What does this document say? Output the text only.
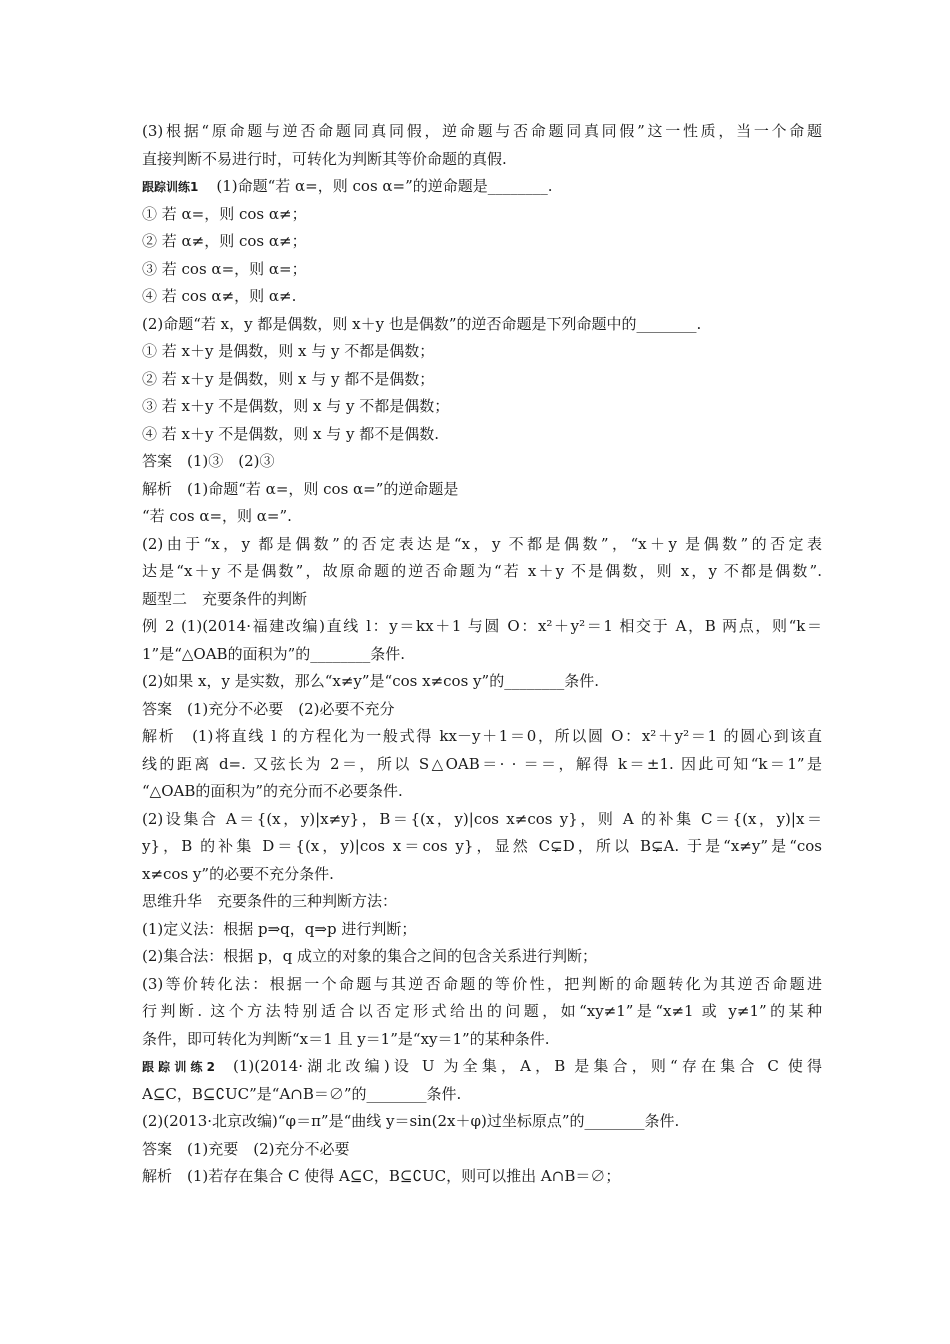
(3)根据“原命题与逆否命题同真同假，逆命题与否命题同真同假”这一性质，当一个命题
直接判断不易进行时，可转化为判断其等价命题的真假.
跟踪训练1 (1)命题“若 α=，则 cos α=”的逆命题是________.
① 若 α=，则 cos α≠；
② 若 α≠，则 cos α≠；
③ 若 cos α=，则 α=；
④ 若 cos α≠，则 α≠.
(2)命题“若 x，y 都是偶数，则 x＋y 也是偶数”的逆否命题是下列命题中的________.
① 若 x＋y 是偶数，则 x 与 y 不都是偶数；
② 若 x＋y 是偶数，则 x 与 y 都不是偶数；
③ 若 x＋y 不是偶数，则 x 与 y 不都是偶数；
④ 若 x＋y 不是偶数，则 x 与 y 都不是偶数.
答案　(1)③　(2)③
解析　(1)命题“若 α=，则 cos α=”的逆命题是
“若 cos α=，则 α=”.
(2)由于“x，y 都是偶数”的否定表达是“x，y 不都是偶数”，“x＋y 是偶数”的否定表
达是“x＋y 不是偶数”，故原命题的逆否命题为“若 x＋y 不是偶数，则 x，y 不都是偶数”.
题型二　充要条件的判断
例 2 (1)(2014·福建改编)直线 l：y＝kx＋1 与圆 O：x²＋y²＝1 相交于 A，B 两点，则“k＝
1”是“△OAB的面积为”的________条件.
(2)如果 x，y 是实数，那么“x≠y”是“cos x≠cos y”的________条件.
答案　(1)充分不必要　(2)必要不充分
解析　(1)将直线 l 的方程化为一般式得 kx－y＋1＝0，所以圆 O：x²＋y²＝1 的圆心到该直
线的距离 d=. 又弦长为 2＝，所以 S△OAB＝· · ＝＝，解得 k＝±1. 因此可知“k＝1”是
“△OAB的面积为”的充分而不必要条件.
(2)设集合 A＝{(x，y)|x≠y}，B＝{(x，y)|cos x≠cos y}，则 A 的补集 C＝{(x，y)|x＝
y}，B 的补集 D＝{(x，y)|cos x＝cos y}，显然 C⊊D，所以 B⊊A. 于是“x≠y”是“cos
x≠cos y”的必要不充分条件.
思维升华　充要条件的三种判断方法：
(1)定义法：根据 p⇒q，q⇒p 进行判断；
(2)集合法：根据 p，q 成立的对象的集合之间的包含关系进行判断；
(3)等价转化法：根据一个命题与其逆否命题的等价性，把判断的命题转化为其逆否命题进
行判断. 这个方法特别适合以否定形式给出的问题，如“xy≠1”是“x≠1 或 y≠1”的某种
条件，即可转化为判断“x＝1 且 y＝1”是“xy＝1”的某种条件.
跟踪训练2 (1)(2014·湖北改编)设 U 为全集，A，B 是集合，则“存在集合 C 使得
A⊆C，B⊆∁UC”是“A∩B＝∅”的________条件.
(2)(2013·北京改编)“φ＝π”是“曲线 y＝sin(2x＋φ)过坐标原点”的________条件.
答案　(1)充要　(2)充分不必要
解析　(1)若存在集合 C 使得 A⊆C，B⊆∁UC，则可以推出 A∩B＝∅；
